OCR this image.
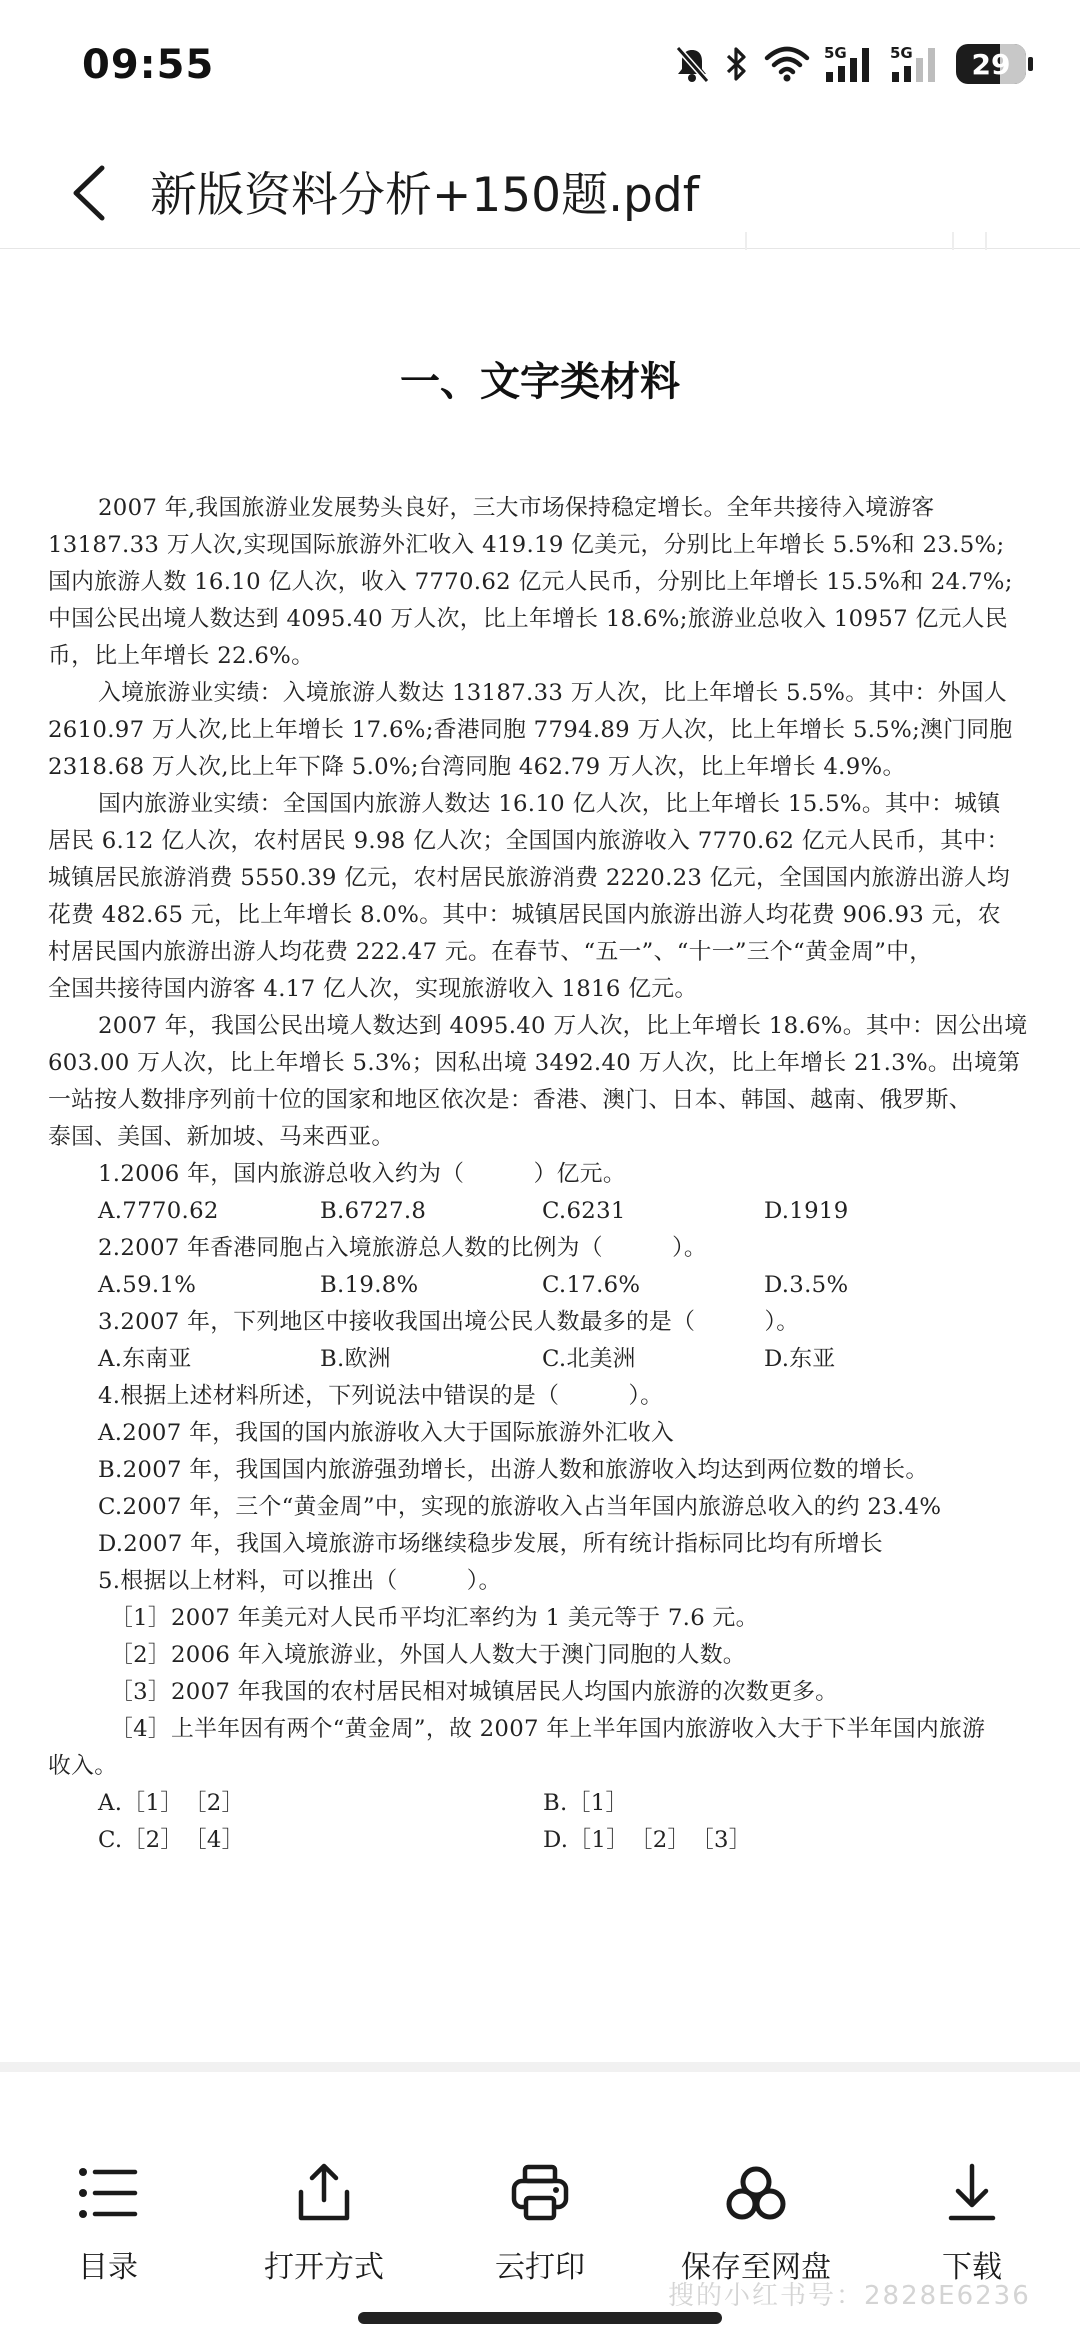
09:55	5G	5G 29
新版资料分析+150题.pdf
一、文字类材料
2007 年,我国旅游业发展势头良好，三大市场保持稳定增长。全年共接待入境游客
13187.33 万人次,实现国际旅游外汇收入 419.19 亿美元，分别比上年增长 5.5%和 23.5%;
国内旅游人数 16.10 亿人次，收入 7770.62 亿元人民币，分别比上年增长 15.5%和 24.7%;
中国公民出境人数达到 4095.40 万人次，比上年增长 18.6%;旅游业总收入 10957 亿元人民
币，比上年增长 22.6%。
入境旅游业实绩：入境旅游人数达 13187.33 万人次，比上年增长 5.5%。其中：外国人
2610.97 万人次,比上年增长 17.6%;香港同胞 7794.89 万人次，比上年增长 5.5%;澳门同胞
2318.68 万人次,比上年下降 5.0%;台湾同胞 462.79 万人次，比上年增长 4.9%。
国内旅游业实绩：全国国内旅游人数达 16.10 亿人次，比上年增长 15.5%。其中：城镇
居民 6.12 亿人次，农村居民 9.98 亿人次；全国国内旅游收入 7770.62 亿元人民币，其中：
城镇居民旅游消费 5550.39 亿元，农村居民旅游消费 2220.23 亿元，全国国内旅游出游人均
花费 482.65 元，比上年增长 8.0%。其中：城镇居民国内旅游出游人均花费 906.93 元，农
村居民国内旅游出游人均花费 222.47 元。在春节、“五一”、“十一”三个“黄金周”中，
全国共接待国内游客 4.17 亿人次，实现旅游收入 1816 亿元。
2007 年，我国公民出境人数达到 4095.40 万人次，比上年增长 18.6%。其中：因公出境
603.00 万人次，比上年增长 5.3%；因私出境 3492.40 万人次，比上年增长 21.3%。出境第
一站按人数排序列前十位的国家和地区依次是：香港、澳门、日本、韩国、越南、俄罗斯、
泰国、美国、新加坡、马来西亚。
1.2006 年，国内旅游总收入约为（　　　）亿元。
A.7770.62	B.6727.8	C.6231	D.1919
2.2007 年香港同胞占入境旅游总人数的比例为（　　　）。
A.59.1%	B.19.8%	C.17.6%	D.3.5%
3.2007 年，下列地区中接收我国出境公民人数最多的是（　　　）。
A.东南亚	B.欧洲	C.北美洲	D.东亚
4.根据上述材料所述，下列说法中错误的是（　　　）。
A.2007 年，我国的国内旅游收入大于国际旅游外汇收入
B.2007 年，我国国内旅游强劲增长，出游人数和旅游收入均达到两位数的增长。
C.2007 年，三个“黄金周”中，实现的旅游收入占当年国内旅游总收入的约 23.4%
D.2007 年，我国入境旅游市场继续稳步发展，所有统计指标同比均有所增长
5.根据以上材料，可以推出（　　　）。
［1］2007 年美元对人民币平均汇率约为 1 美元等于 7.6 元。
［2］2006 年入境旅游业，外国人人数大于澳门同胞的人数。
［3］2007 年我国的农村居民相对城镇居民人均国内旅游的次数更多。
［4］上半年因有两个“黄金周”，故 2007 年上半年国内旅游收入大于下半年国内旅游
收入。
A.［1］　［2］	B.［1］
C.［2］　［4］	D.［1］　［2］　［3］
目录	打开方式	云打印	保存至网盘	下载
搜的小红书号：2828E6236
